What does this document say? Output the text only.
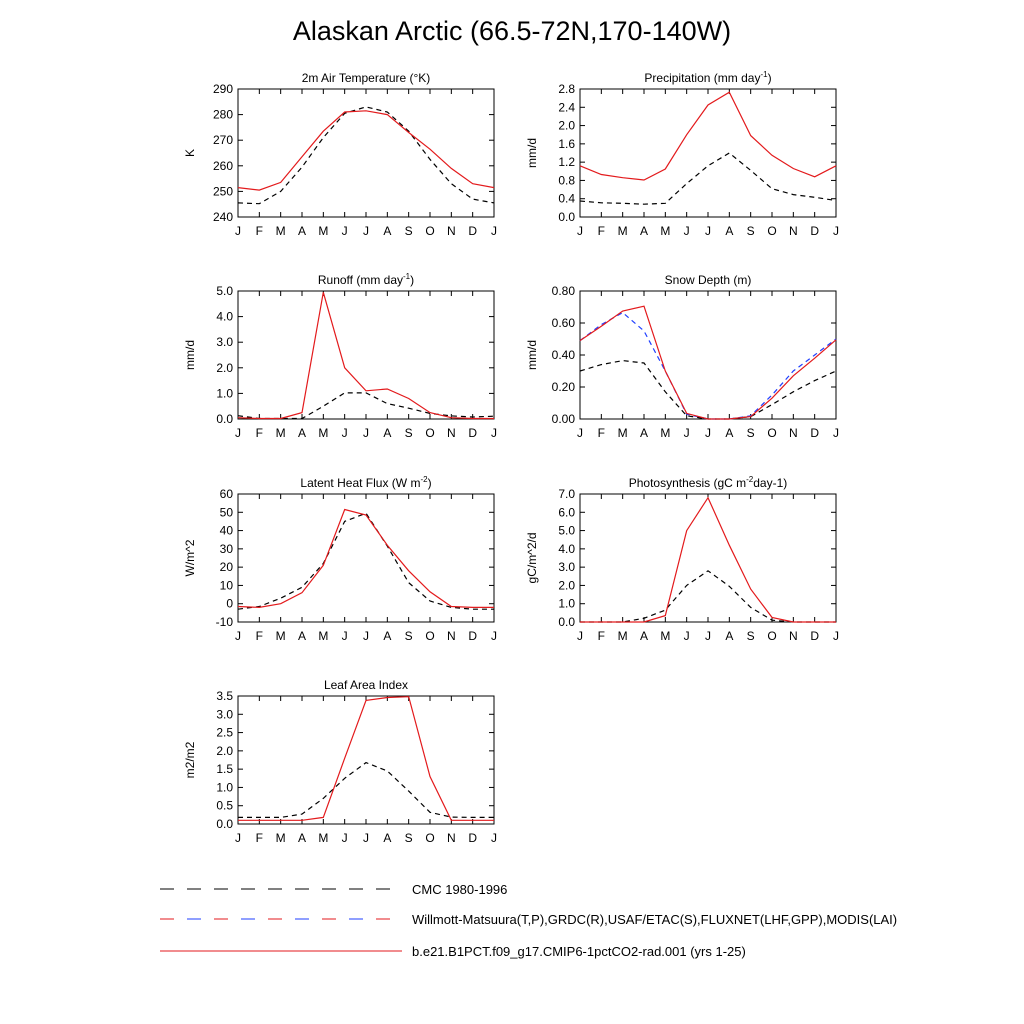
Alaskan Arctic (66.5-72N,170-140W)
2m Air Temperature (°K)
K
240
250
260
270
280
290
J F M A M J J A S O N D J
Precipitation (mm day$^{-1}$)
mm/d
0.0
0.4
0.8
1.2
1.6
2.0
2.4
2.8
J F M A M J J A S O N D J
Runoff (mm day$^{-1}$)
mm/d
0.0
1.0
2.0
3.0
4.0
5.0
J F M A M J J A S O N D J
Snow Depth (m)
mm/d
0.00
0.20
0.40
0.60
0.80
J F M A M J J A S O N D J
Latent Heat Flux (W $m^{-2}$)
W/m^2
-10
0
10
20
30
40
50
60
J F M A M J J A S O N D J
Photosynthesis (gC $m^{-2}day-1$)
gC/m^2/d
0.0
1.0
2.0
3.0
4.0
5.0
6.0
7.0
J F M A M J J A S O N D J
Leaf Area Index
m2/m2
0.0
0.5
1.0
1.5
2.0
2.5
3.0
3.5
J F M A M J J A S O N D J
CMC 1980-1996
Willmott-Matsuura(T,P),GRDC(R),USAF/ETAC(S),FLUXNET(LHF,GPP),MODIS(LAI)
b.e21.B1PCT.f09_g17.CMIP6-1pctCO2-rad.001 (yrs 1-25)
